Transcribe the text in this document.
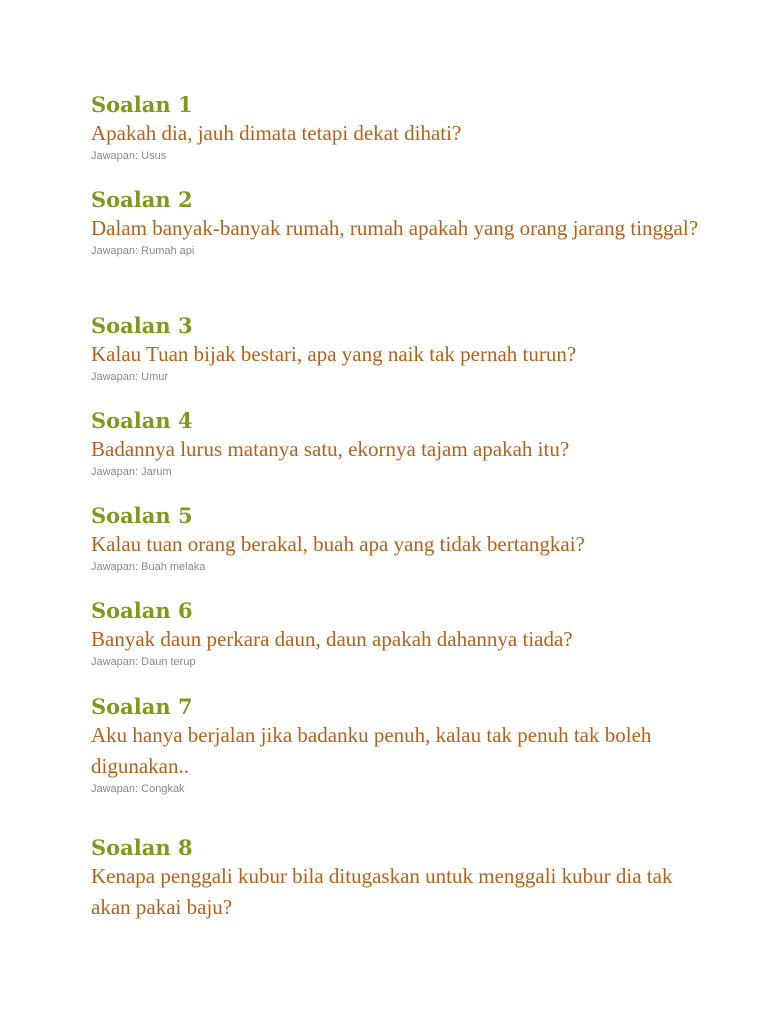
Soalan 1

Apakah dia, jauh dimata tetapi dekat dihati?

Jawapan: Usus

Soalan 2

Dalam banyak-banyak rumah, rumah apakah yang orang jarang tinggal?

Jawapan: Rumah api

Soalan 3

Kalau Tuan bijak bestari, apa yang naik tak pernah turun?

Jawapan: Umur

Soalan 4

Badannya lurus matanya satu, ekornya tajam apakah itu?

Jawapan: Jarum

Soalan 5

Kalau tuan orang berakal, buah apa yang tidak bertangkai?

Jawapan: Buah melaka

Soalan 6

Banyak daun perkara daun, daun apakah dahannya tiada?

Jawapan: Daun terup

Soalan 7

Aku hanya berjalan jika badanku penuh, kalau tak penuh tak boleh digunakan..

Jawapan: Congkak

Soalan 8

Kenapa penggali kubur bila ditugaskan untuk menggali kubur dia tak akan pakai baju?
